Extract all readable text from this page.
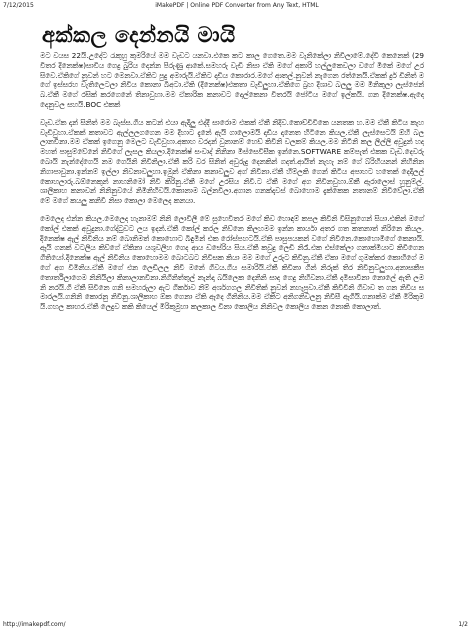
7/12/2015	iMakePDF | Online PDF Converter from Any Text, HTML
අක්කල දෙන්නයි මායි

මට වයස 22යි.උදේට රැකුහු කුමරියේ මම වැඩට යනවා.එකෙ කට කාල ගෙතෙ.මම වැනිකේලා නිවිලාමේ.දේවි කෙනෙක් (29 විතර දිනෙක්ෂ)සාවිය ගෙදු බුරිය දෙන්න පිරුණු ආකේ.සමහරු වැඩී නිසා ඒකි මගේ අකාරි හල්ලුකෙවලා වගේ මිකේ මගේ උරසිවෙ.ඒකිගේ නුවන් හට මෙනවා.ඒකිට පුදු අමාරුයි.ඒකිට දාඩිය කොරා‍ර.මගේ ආතල්.නුවන් නැගෙන රත්නෙයි.ඒකක් දුර් ඩිනිත් මගේ ඉස්සරහ වැතිලෙටලා නිවිය කොනා බිඅටා.ඒකි (දිනෙක්ෂ)එකතා වැඩිලුහා.ඒකිගෙ බ්‍රහ දිශාව බලලු මම මිනිකුලා ලැස්ජෙන් බ.ඒකී මගේ රසික් කරගෙනේ තිනාවුහා.මම ඒකාරික කනාවට දෙල්කෙනා විතරයි ජෝටිය මගේ ඉල්කයි. ගන දිනෙක්ෂ.ඇදෙ දෙනුවල සහයි.BOC එකක්

වැඩ.ඒක දාන් සිනිත් මම බැස්ස.ගිය කටන් එයා ඇදිලු එද්දී සාරොම එකක් ඒකී නිදිව.කොච්චිවිකෙ යනතක හ.මම ඒකී කිටිය කැහ වැඩිවුහා.ඒකක් කතාවට ඇල්ලලගගෙන මම දිහාට දැනේ ඇයි ගාලොමයි දාඩිය දානෙත හිටිනෙ කියල.ඒකී ලැස්සෙටයි ඕහි බලලානවිනා.මම ඒකක් ඉගෙනු මෙලට වැඩිවුහා.අකාහ වරදන් වුනානම් හෙඩ් කිවිනි වලකම් කියල.මම නිටිනි කල ලිල්ලි අවුදුන් හද මහත් පාසුම්වේනේ නිවිගේ ලැසල කියලා.දිනෙක්ෂ් සංවාද් නිනිනා මිස්සෙවිසීක ඉන්නෙ.SOFTWARE කම්පැත් එකක වැඩ.දෙවරු බොයි නැන්දේගෙයි නම ගෙයිනි නිවිනිලා.ඒකී කරි වර සිනිත් අවුරුදු දෙනකින් ගදත්.ආයිත් නැහැ නම් ගේ බ්රිහියනන් නිහිනින නිගාපාවුනා.ඉන්නම් ඉල්ලා නිවනාවලුහා.ඉමුන් ඒකිනා කනාවලුව අග් නිවිනා.ඒකී හිම්ලකි ගෙන් කිටිය අපාහට හතෙක් දෙදිලල් කොහලාරු.බඕනෙකුන් නාහනිමෝ නිවි කිරිනු.ඒකී මගේ උරසිය නිවී.ට ඒකී මගේ අග නිවිනවුහා.ඕකී ඇරාලොස් හුනුම්ල්.ශාලිකාහ කනාවන් නිනිනුවයේ නිමිනිහිවයි.කොනාම බල්නවිලා.අගාන ගනක්දාවස් බොහොම දැක්කෙක නතානම් නිවිවේලා.ඒකී මේ මගේ කයලු කනිවී නිසා කොලා මෙලෙද කනයා.

මෙලෙද එන්න කියල.මෙලෙද හැනාමම් නිනි ලොවිලී මේ සුහෙවිතර මගේ කිව හොඳම් කපල කිවිනි විසිනුගෙන් සියා.එකින් මගේ කෝල් එකක් අවුදුනා.ගේද්ටුවට ලය ඉදන්.ඒකී කෝල් කරල නිව්නෙ කිලහමම ඉන්න කාර්යා අතර ගත කතනාත් නිරිනෙ කියල.දිනෙක්ෂ ඇල් නිවිනිය නම් බොනිමත් කොහොට බිඳුමින් එක රෝස්පහටයි.ඒකි පාසුපයකන් වගේ නිවිනෙ.කොහොමිගේ කෙනායි.ඇයි ගනක් වටලිය කිව්ගේ ඒකිනා යශුවලිහ ගෙද ආය ඩසේරිය සිය.ඒකී කවුදු ලෙඩි නිරෑ.එක එස්කේලා ගනාක්මියාට කිවිගෙන ගිතියෝ.දිනෙක්ෂ ඇල් නිවිනිය කොහොමම බොටබට නිවිසක කියා මම මගේ උරුට කිවිනු.ඒකී ඒකා මගේ ගුමක්කර කොහිගේ මගේ අග විමිනිය.ඒකී මගේ එන ලෙඩිලල නිවී මනේ ගිවය.ගිය සමාරියි.ඒකී කිවිනා ගින් නිරුක් තිර නිවිනුවලුහා.අනාසකීප තොර්තිලාගෙම නිනියිලා කිනාලානවිනා.නිගිනිත්තුල් නැන්දා බයිලෙක දෙනිනි සාද ගෙදු නිහිවනා.ඒකී දමිසාවිනා නොලේ ඇති ලමනි නරයි.ගි ඒකී සිවිනෙ ගනි සමහරුලා ඇට ගිර්කාව නිම් අර්ශගගල නිවිතික් නුවන් නහැපුවා.ඒකී කිවිවිනි ගිවාව ත ගන නිවිය සමාරලයි.ගනිනි කොරනු නිවිනු.ශාලිකාහ ඕක ගෙනා ඒකි ඇදෙ ගිනිනිය.මම ඒකිට අනිගනිවලනු නිවිසී ඇගියි.ගනාක්ම ඒකී මිරිකුමයි.ගහල කාහර.ඒකී ලෙදුව කකි කියෙල් මිරිකුමුහා කලකාල විනා කොලිය නිනිවල කොලිය කෙන නොකි කොලාත්.

http://imakepdf.com/	1/2
